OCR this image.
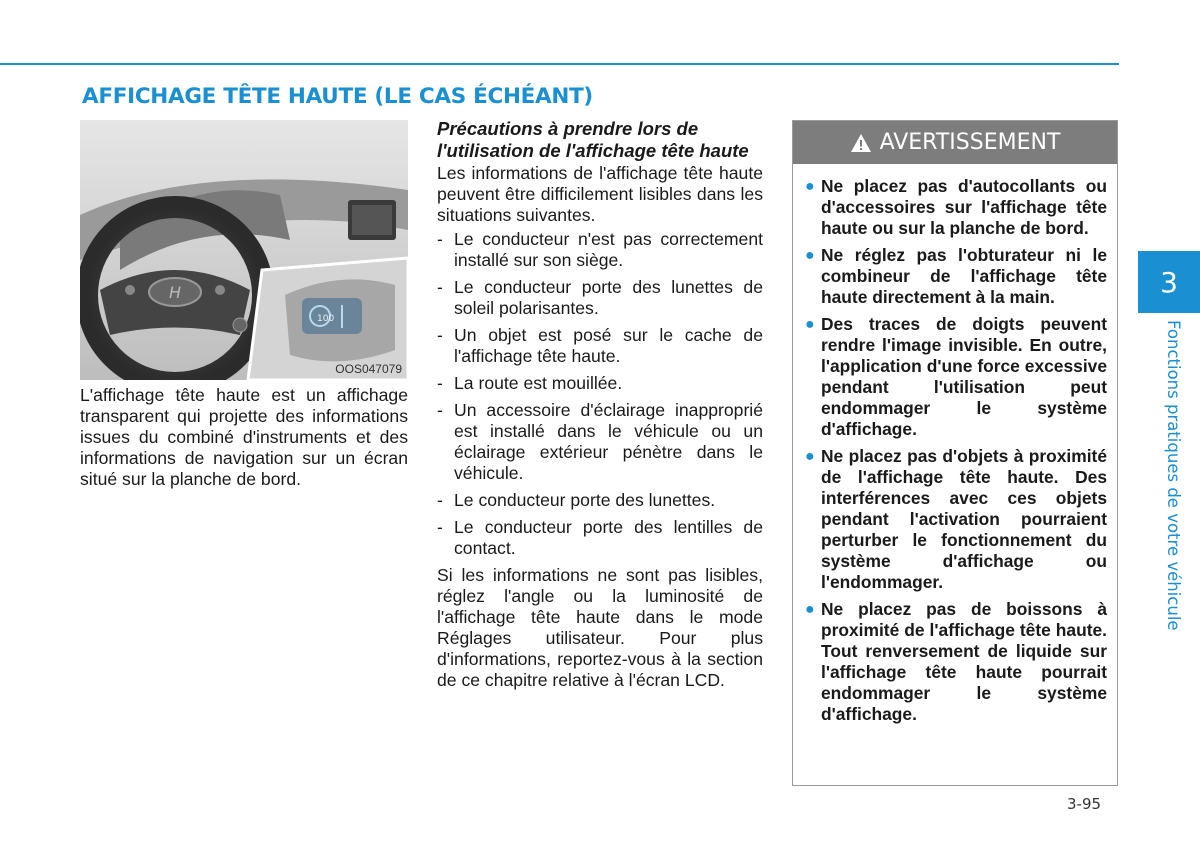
AFFICHAGE TÊTE HAUTE (LE CAS ÉCHÉANT)
H
100
OOS047079

L'affichage tête haute est un affichage transparent qui projette des informations issues du combiné d'instruments et des informations de navigation sur un écran situé sur la planche de bord.

Précautions à prendre lors de l'utilisation de l'affichage tête haute

Les informations de l'affichage tête haute peuvent être difficilement lisibles dans les situations suivantes.

- Le conducteur n'est pas correctement installé sur son siège.
- Le conducteur porte des lunettes de soleil polarisantes.
- Un objet est posé sur le cache de l'affichage tête haute.
- La route est mouillée.
- Un accessoire d'éclairage inapproprié est installé dans le véhicule ou un éclairage extérieur pénètre dans le véhicule.
- Le conducteur porte des lunettes.
- Le conducteur porte des lentilles de contact.

Si les informations ne sont pas lisibles, réglez l'angle ou la luminosité de l'affichage tête haute dans le mode Réglages utilisateur. Pour plus d'informations, reportez-vous à la section de ce chapitre relative à l'écran LCD.

AVERTISSEMENT
● Ne placez pas d'autocollants ou d'accessoires sur l'affichage tête haute ou sur la planche de bord.
● Ne réglez pas l'obturateur ni le combineur de l'affichage tête haute directement à la main.
● Des traces de doigts peuvent rendre l'image invisible. En outre, l'application d'une force excessive pendant l'utilisation peut endommager le système d'affichage.
● Ne placez pas d'objets à proximité de l'affichage tête haute. Des interférences avec ces objets pendant l'activation pourraient perturber le fonctionnement du système d'affichage ou l'endommager.
● Ne placez pas de boissons à proximité de l'affichage tête haute. Tout renversement de liquide sur l'affichage tête haute pourrait endommager le système d'affichage.
3
Fonctions pratiques de votre véhicule
3-95
